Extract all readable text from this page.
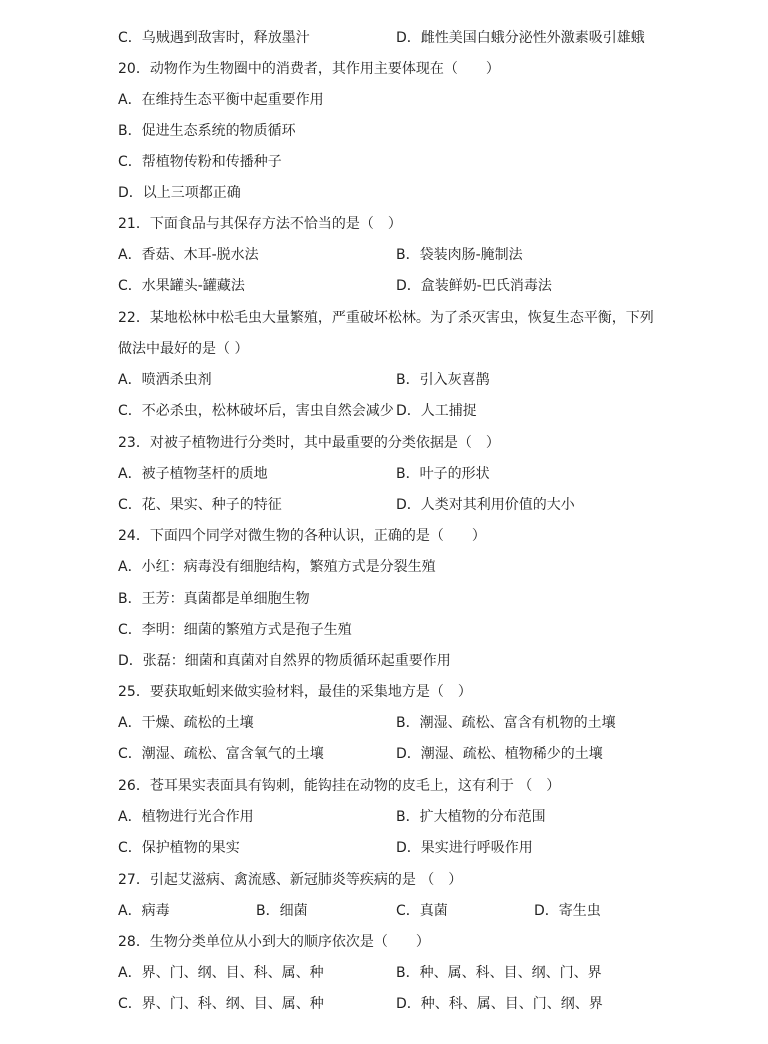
C．乌贼遇到敌害时，释放墨汁	D．雌性美国白蛾分泌性外激素吸引雄蛾
20．动物作为生物圈中的消费者，其作用主要体现在（　　）
A．在维持生态平衡中起重要作用
B．促进生态系统的物质循环
C．帮植物传粉和传播种子
D．以上三项都正确
21．下面食品与其保存方法不恰当的是（　）
A．香菇、木耳-脱水法	B．袋装肉肠-腌制法
C．水果罐头-罐藏法	D．盒装鲜奶-巴氏消毒法
22．某地松林中松毛虫大量繁殖，严重破坏松林。为了杀灭害虫，恢复生态平衡，下列
做法中最好的是（ ）
A．喷洒杀虫剂	B．引入灰喜鹊
C．不必杀虫，松林破坏后，害虫自然会减少 D．人工捕捉
23．对被子植物进行分类时，其中最重要的分类依据是（　）
A．被子植物茎杆的质地	B．叶子的形状
C．花、果实、种子的特征	D．人类对其利用价值的大小
24．下面四个同学对微生物的各种认识，正确的是（　　）
A．小红：病毒没有细胞结构，繁殖方式是分裂生殖
B．王芳：真菌都是单细胞生物
C．李明：细菌的繁殖方式是孢子生殖
D．张磊：细菌和真菌对自然界的物质循环起重要作用
25．要获取蚯蚓来做实验材料，最佳的采集地方是（　）
A．干燥、疏松的土壤	B．潮湿、疏松、富含有机物的土壤
C．潮湿、疏松、富含氧气的土壤	D．潮湿、疏松、植物稀少的土壤
26．苍耳果实表面具有钩刺，能钩挂在动物的皮毛上，这有利于 （　）
A．植物进行光合作用	B．扩大植物的分布范围
C．保护植物的果实	D．果实进行呼吸作用
27．引起艾滋病、禽流感、新冠肺炎等疾病的是 （　）
A．病毒	B．细菌	C．真菌	D．寄生虫
28．生物分类单位从小到大的顺序依次是（　　）
A．界、门、纲、目、科、属、种	B．种、属、科、目、纲、门、界
C．界、门、科、纲、目、属、种	D．种、科、属、目、门、纲、界
